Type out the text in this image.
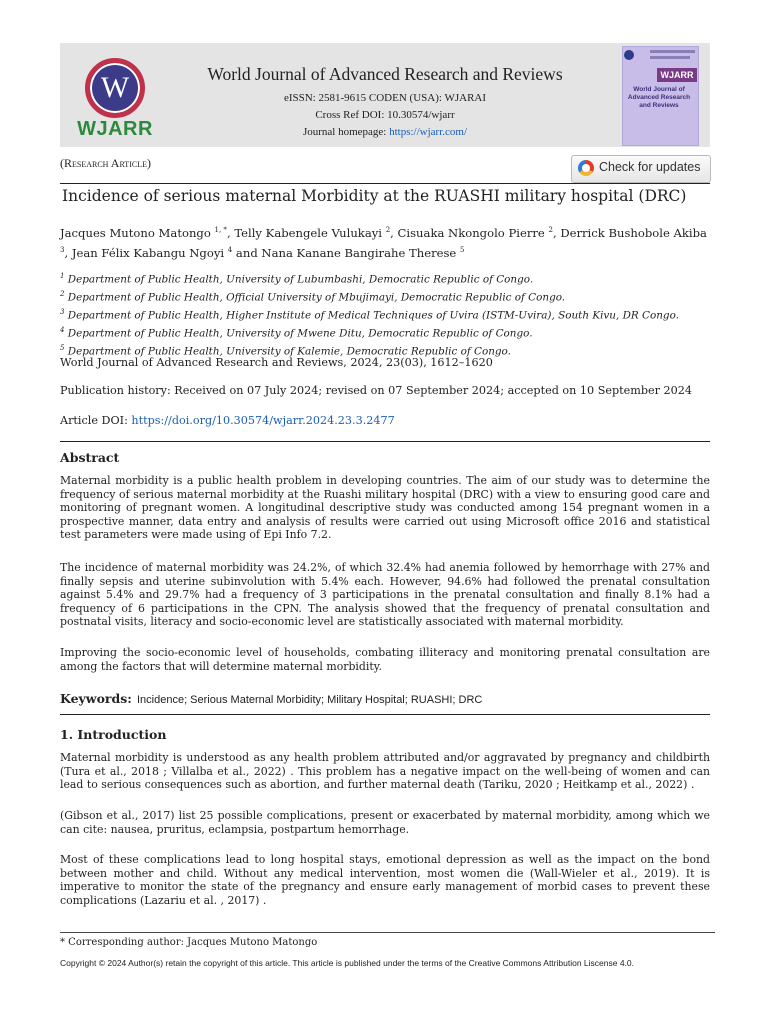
W
WJARR
World Journal of Advanced Research and Reviews
eISSN: 2581-9615 CODEN (USA): WJARAI
Cross Ref DOI: 10.30574/wjarr
Journal homepage: https://wjarr.com/
WJARR
World Journal of Advanced Research and Reviews
(Research Article)	Check for updates
Incidence of serious maternal Morbidity at the RUASHI military hospital (DRC)
Jacques Mutono Matongo $^{1, *}$, Telly Kabengele Vulukayi $^2$, Cisuaka Nkongolo Pierre $^2$, Derrick Bushobole Akiba $^3$, Jean Félix Kabangu Ngoyi $^4$ and Nana Kanane Bangirahe Therese $^5$
$^1$ Department of Public Health, University of Lubumbashi, Democratic Republic of Congo.
$^2$ Department of Public Health, Official University of Mbujimayi, Democratic Republic of Congo.
$^3$ Department of Public Health, Higher Institute of Medical Techniques of Uvira (ISTM-Uvira), South Kivu, DR Congo.
$^4$ Department of Public Health, University of Mwene Ditu, Democratic Republic of Congo.
$^5$ Department of Public Health, University of Kalemie, Democratic Republic of Congo.
World Journal of Advanced Research and Reviews, 2024, 23(03), 1612–1620
Publication history: Received on 07 July 2024; revised on 07 September 2024; accepted on 10 September 2024
Article DOI: https://doi.org/10.30574/wjarr.2024.23.3.2477
Abstract
Maternal morbidity is a public health problem in developing countries. The aim of our study was to determine the frequency of serious maternal morbidity at the Ruashi military hospital (DRC) with a view to ensuring good care and monitoring of pregnant women. A longitudinal descriptive study was conducted among 154 pregnant women in a prospective manner, data entry and analysis of results were carried out using Microsoft office 2016 and statistical test parameters were made using of Epi Info 7.2.
The incidence of maternal morbidity was 24.2%, of which 32.4% had anemia followed by hemorrhage with 27% and finally sepsis and uterine subinvolution with 5.4% each. However, 94.6% had followed the prenatal consultation against 5.4% and 29.7% had a frequency of 3 participations in the prenatal consultation and finally 8.1% had a frequency of 6 participations in the CPN. The analysis showed that the frequency of prenatal consultation and postnatal visits, literacy and socio-economic level are statistically associated with maternal morbidity.
Improving the socio-economic level of households, combating illiteracy and monitoring prenatal consultation are among the factors that will determine maternal morbidity.
Keywords: Incidence; Serious Maternal Morbidity; Military Hospital; RUASHI; DRC
1. Introduction
Maternal morbidity is understood as any health problem attributed and/or aggravated by pregnancy and childbirth (Tura et al., 2018 ; Villalba et al., 2022) . This problem has a negative impact on the well-being of women and can lead to serious consequences such as abortion, and further maternal death (Tariku, 2020 ; Heitkamp et al., 2022) .
(Gibson et al., 2017) list 25 possible complications, present or exacerbated by maternal morbidity, among which we can cite: nausea, pruritus, eclampsia, postpartum hemorrhage.
Most of these complications lead to long hospital stays, emotional depression as well as the impact on the bond between mother and child. Without any medical intervention, most women die (Wall-Wieler et al., 2019). It is imperative to monitor the state of the pregnancy and ensure early management of morbid cases to prevent these complications (Lazariu et al. , 2017) .
* Corresponding author: Jacques Mutono Matongo
Copyright © 2024 Author(s) retain the copyright of this article. This article is published under the terms of the Creative Commons Attribution Liscense 4.0.
